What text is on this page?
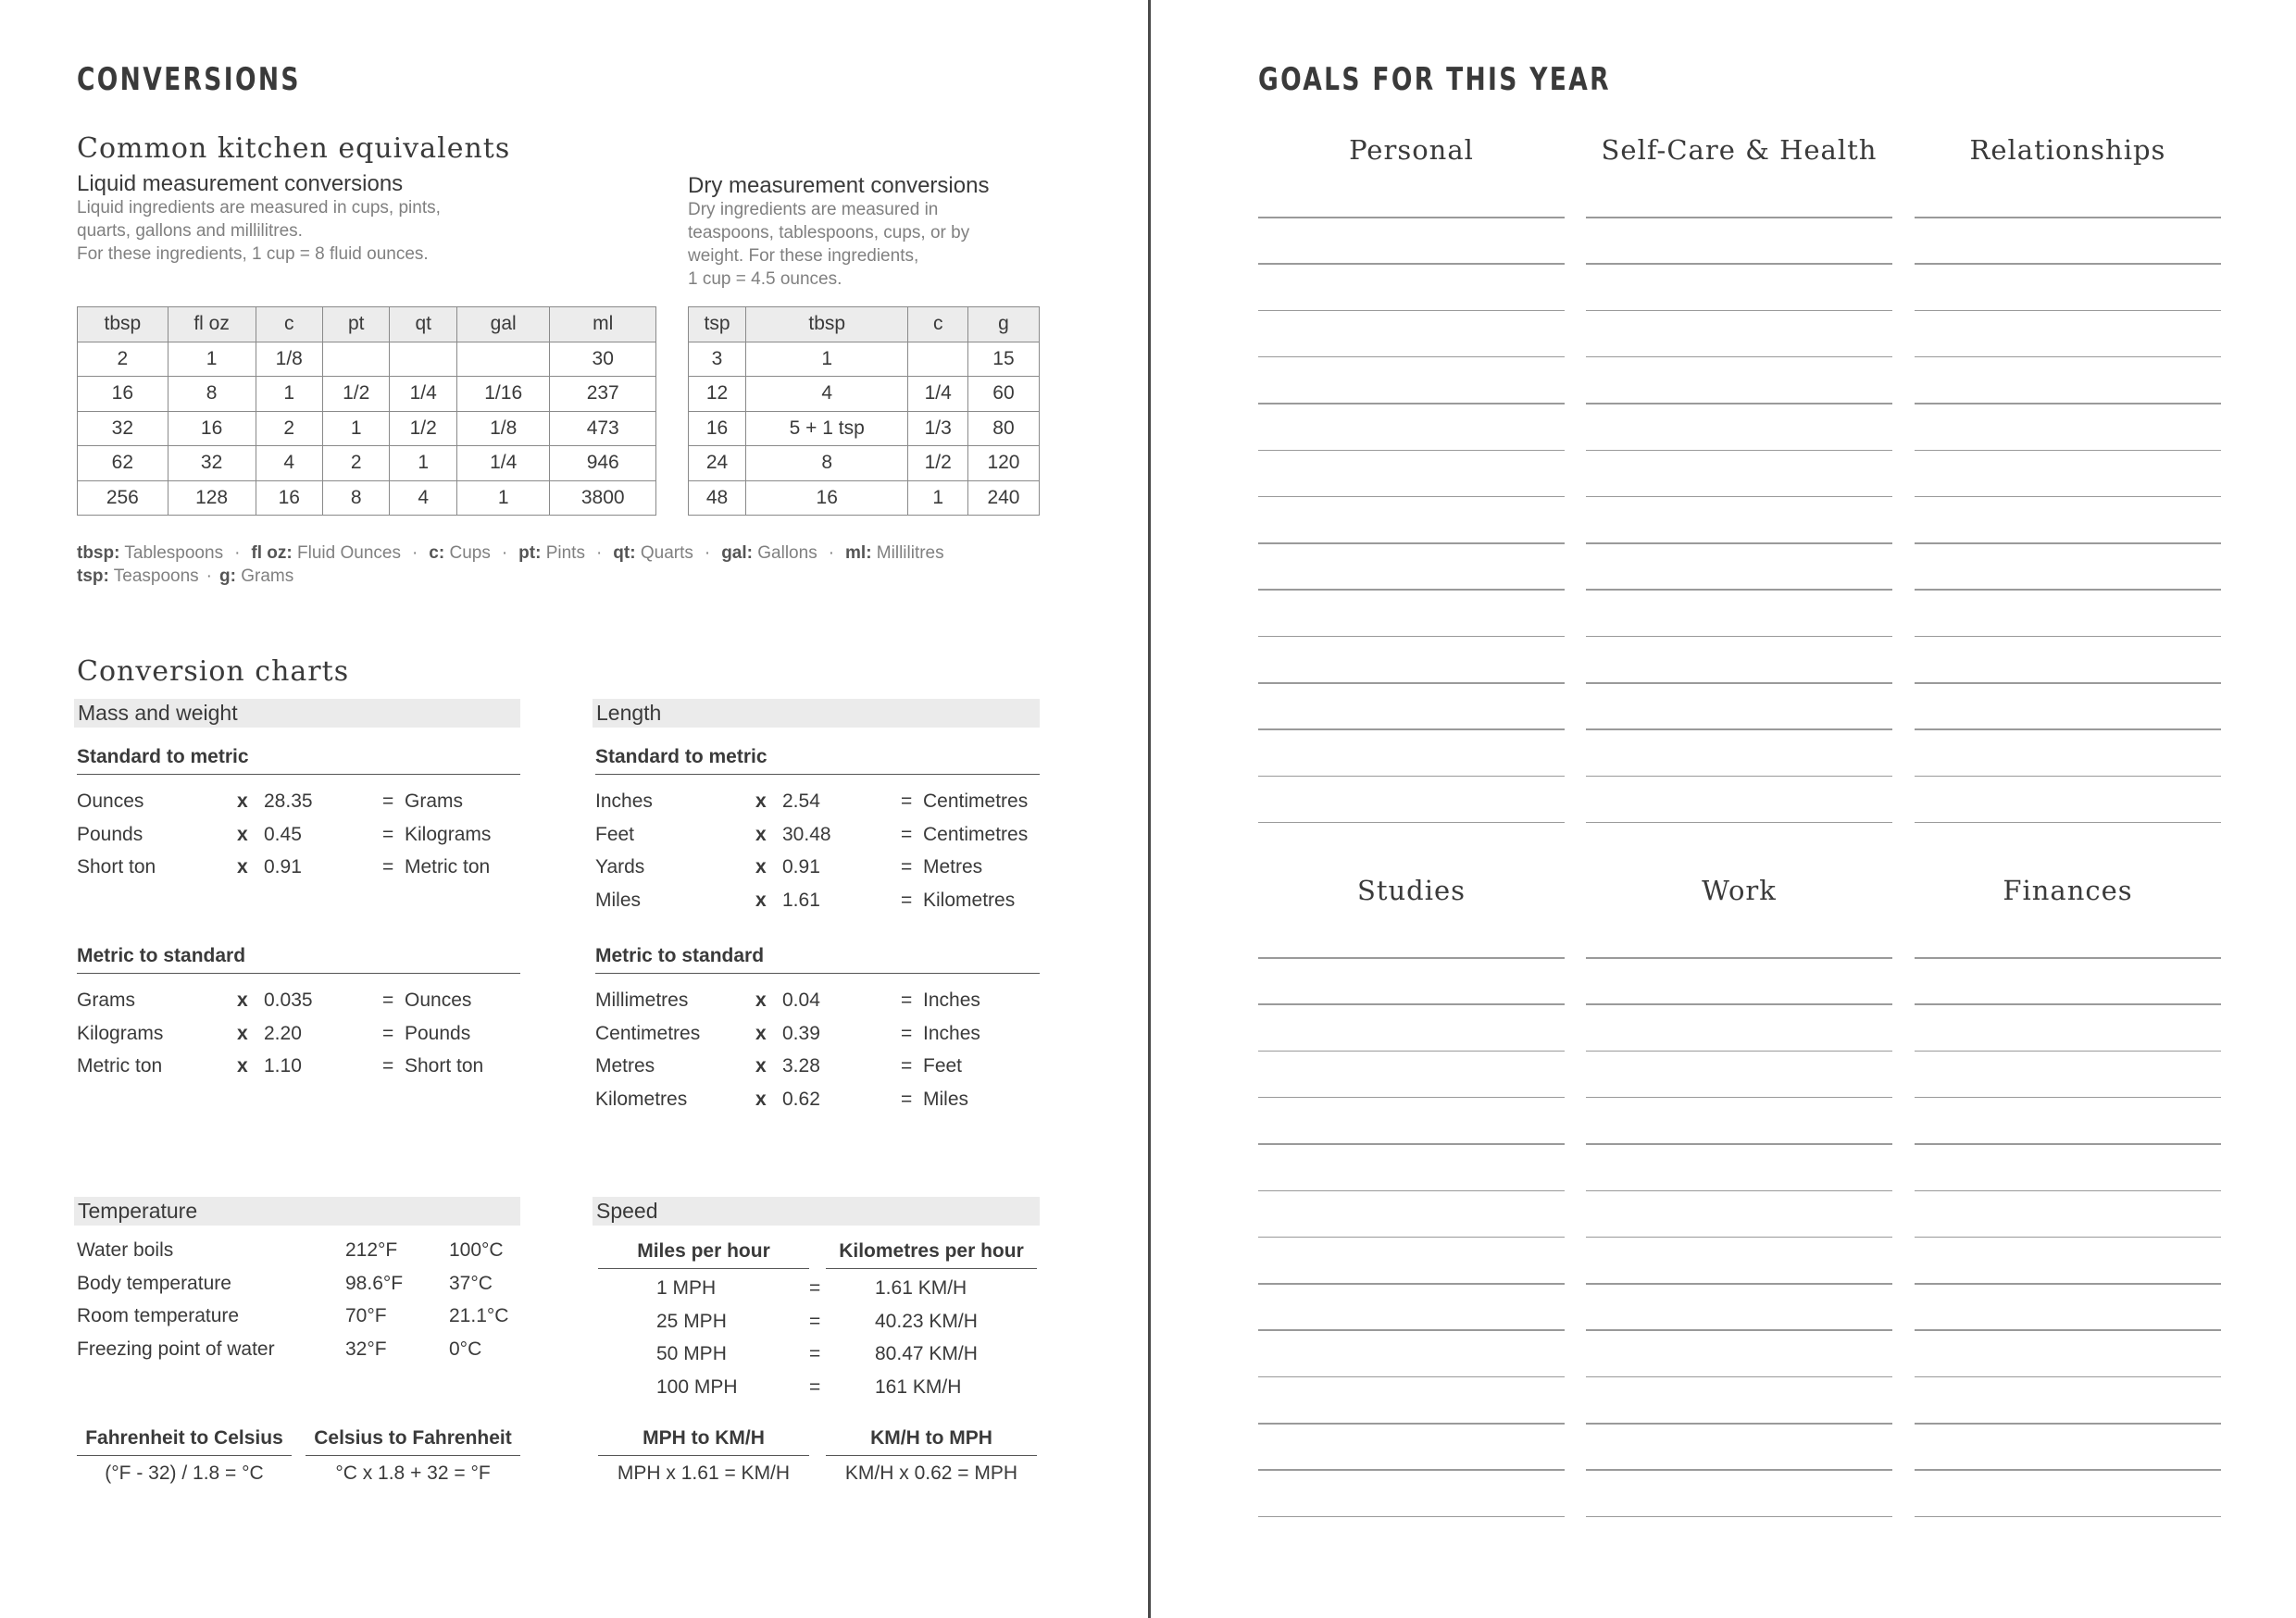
CONVERSIONS
Common kitchen equivalents
Liquid measurement conversions
Liquid ingredients are measured in cups, pints,
quarts, gallons and millilitres.
For these ingredients, 1 cup = 8 fluid ounces.
tbsp	fl oz	c	pt	qt	gal	ml
2	1	1/8				30
16	8	1	1/2	1/4	1/16	237
32	16	2	1	1/2	1/8	473
62	32	4	2	1	1/4	946
256	128	16	8	4	1	3800
Dry measurement conversions
Dry ingredients are measured in
teaspoons, tablespoons, cups, or by
weight. For these ingredients,
1 cup = 4.5 ounces.
tsp	tbsp	c	g
3	1		15
12	4	1/4	60
16	5 + 1 tsp	1/3	80
24	8	1/2	120
48	16	1	240
tbsp: Tablespoons · fl oz: Fluid Ounces · c: Cups · pt: Pints · qt: Quarts · gal: Gallons · ml: Millilitres
tsp: Teaspoons · g: Grams
Conversion charts
Mass and weight
Standard to metric
Metric to standard
Length
Standard to metric
Metric to standard
Temperature
Fahrenheit to Celsius
(°F - 32) / 1.8 = °C
Celsius to Fahrenheit
°C x 1.8 + 32 = °F
Speed
Miles per hour	Kilometres per hour
MPH to KM/H
MPH x 1.61 = KM/H
KM/H to MPH
KM/H x 0.62 = MPH
Ounces	x 28.35	= Grams
Pounds	x 0.45	= Kilograms
Short ton	x 0.91	= Metric ton
Grams	x 0.035	= Ounces
Kilograms	x 2.20	= Pounds
Metric ton	x 1.10	= Short ton
Inches	x 2.54	= Centimetres
Feet	x 30.48	= Centimetres
Yards	x 0.91	= Metres
Miles	x 1.61	= Kilometres
Millimetres	x 0.04	= Inches
Centimetres	x 0.39	= Inches
Metres	x 3.28	= Feet
Kilometres	x 0.62	= Miles
Water boils	212°F	100°C
Body temperature	98.6°F 37°C
Room temperature	70°F	21.1°C
Freezing point of water	32°F	0°C
1 MPH	=	1.61 KM/H
25 MPH	=	40.23 KM/H
50 MPH	=	80.47 KM/H
100 MPH	=	161 KM/H
GOALS FOR THIS YEAR
Personal	Self-Care & Health	Relationships
Studies	Work	Finances
